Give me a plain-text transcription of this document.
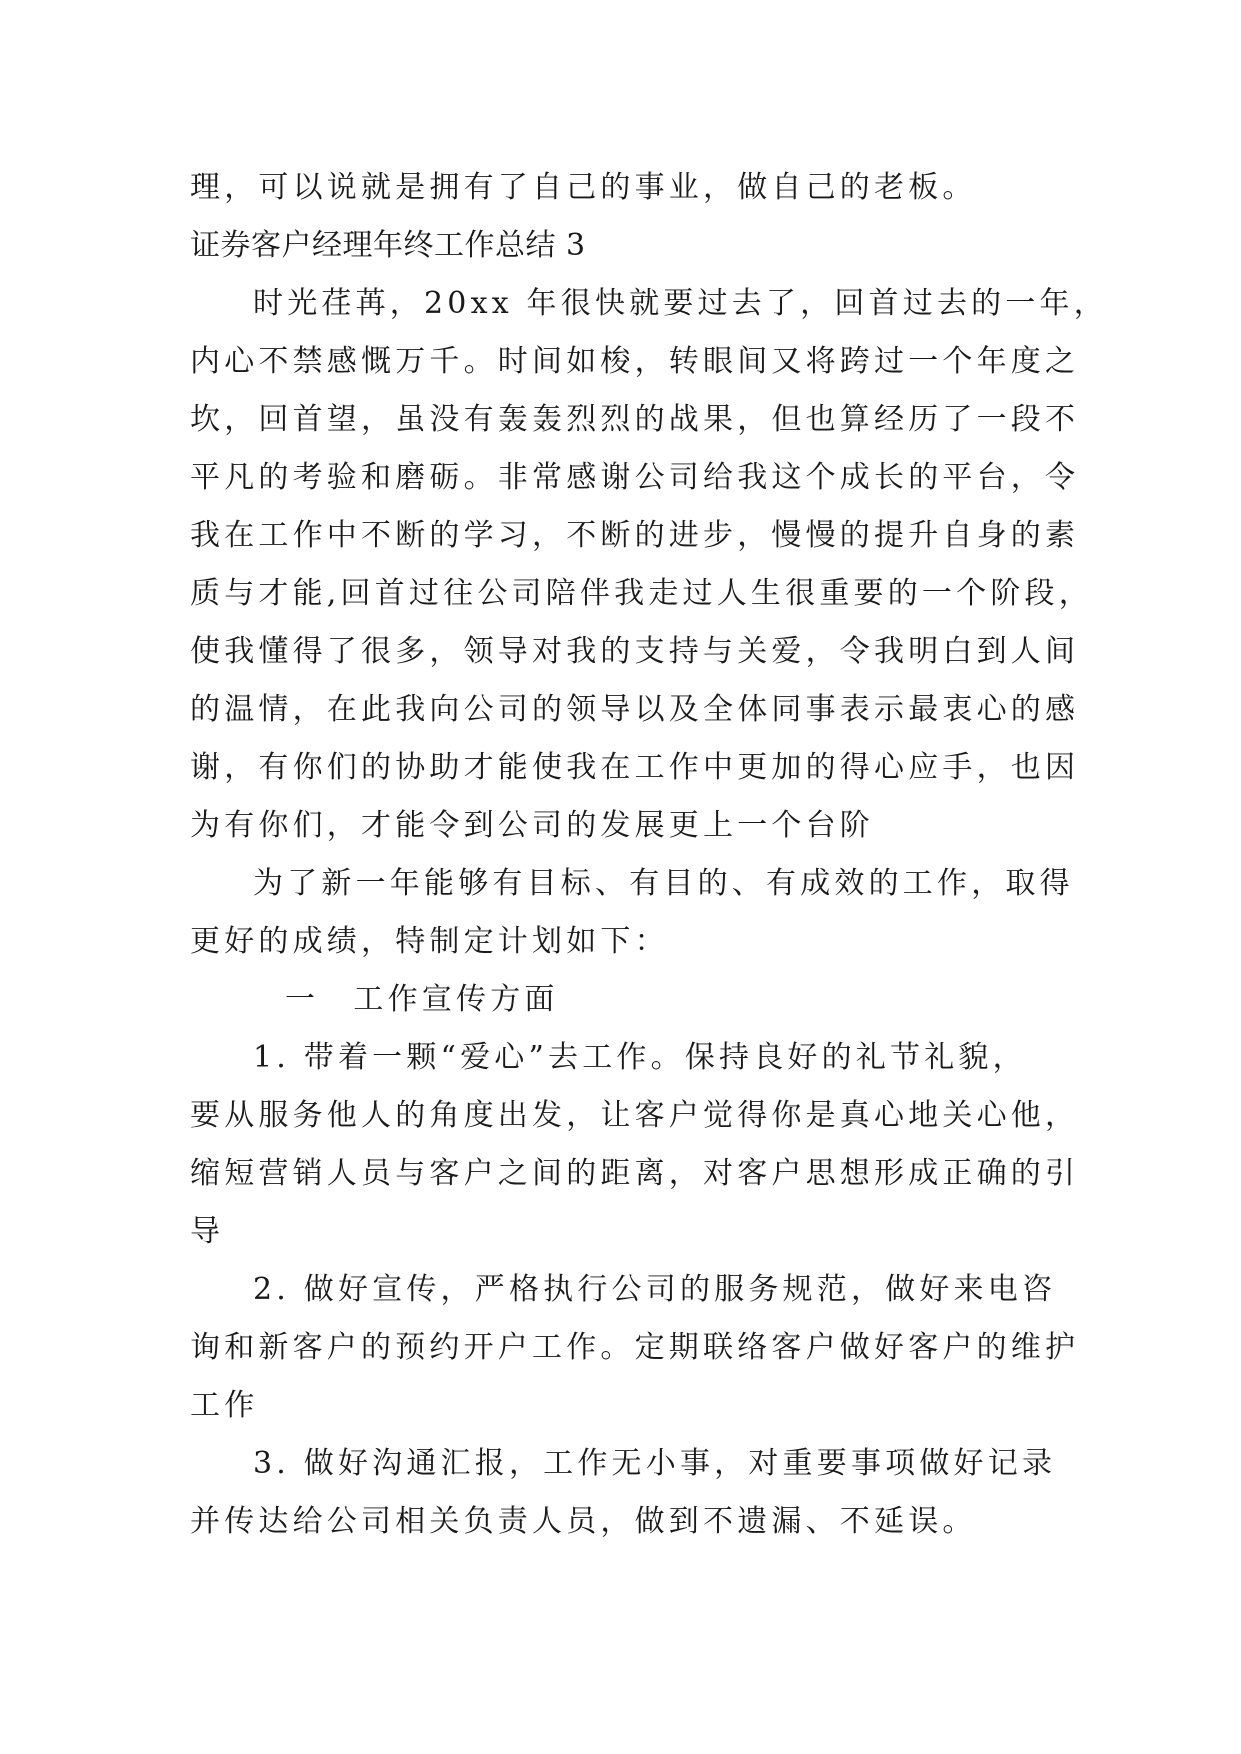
理，可以说就是拥有了自己的事业，做自己的老板。

证券客户经理年终工作总结 3

时光荏苒，20xx 年很快就要过去了，回首过去的一年，

内心不禁感慨万千。时间如梭，转眼间又将跨过一个年度之

坎，回首望，虽没有轰轰烈烈的战果，但也算经历了一段不

平凡的考验和磨砺。非常感谢公司给我这个成长的平台，令

我在工作中不断的学习，不断的进步，慢慢的提升自身的素

质与才能,回首过往公司陪伴我走过人生很重要的一个阶段，

使我懂得了很多，领导对我的支持与关爱，令我明白到人间

的温情，在此我向公司的领导以及全体同事表示最衷心的感

谢，有你们的协助才能使我在工作中更加的得心应手，也因

为有你们，才能令到公司的发展更上一个台阶

为了新一年能够有目标、有目的、有成效的工作，取得

更好的成绩，特制定计划如下：

一　工作宣传方面

1. 带着一颗“爱心”去工作。保持良好的礼节礼貌，

要从服务他人的角度出发，让客户觉得你是真心地关心他，

缩短营销人员与客户之间的距离，对客户思想形成正确的引

导

2. 做好宣传，严格执行公司的服务规范，做好来电咨

询和新客户的预约开户工作。定期联络客户做好客户的维护

工作

3. 做好沟通汇报，工作无小事，对重要事项做好记录

并传达给公司相关负责人员，做到不遗漏、不延误。
